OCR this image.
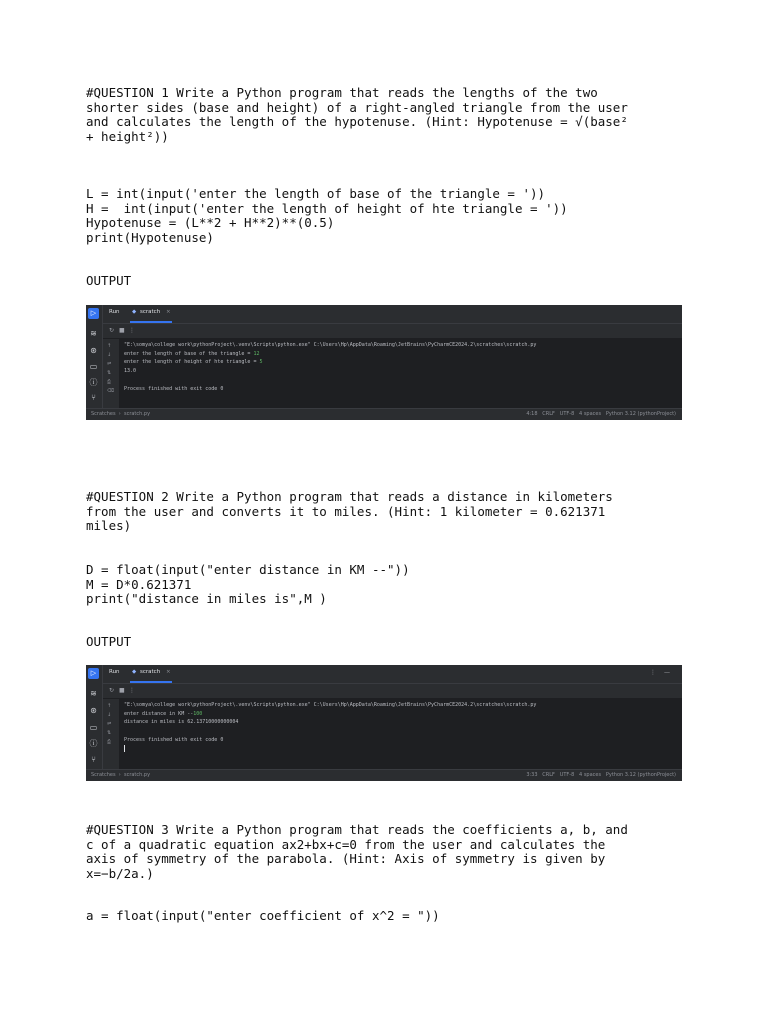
#QUESTION 1 Write a Python program that reads the lengths of the two
shorter sides (base and height) of a right-angled triangle from the user
and calculates the length of the hypotenuse. (Hint: Hypotenuse = √(base²
+ height²))

L = int(input('enter the length of base of the triangle = '))
H =  int(input('enter the length of height of hte triangle = '))
Hypotenuse = (L**2 + H**2)**(0.5)
print(Hypotenuse)

OUTPUT

Run ◆ scratch ×
↻ ■ ⋮
▷
≋
⊛
▭
ⓘ
⑂
↑
↓
⇌
⇅
⎙
⌫
"E:\somya\college work\pythonProject\.venv\Scripts\python.exe" C:\Users\Hp\AppData\Roaming\JetBrains\PyCharmCE2024.2\scratches\scratch.py
enter the length of base of the triangle = 12
enter the length of height of hte triangle = 5
13.0

Process finished with exit code 0
Scratches  ›  scratch.py	4:18   CRLF   UTF-8   4 spaces   Python 3.12 (pythonProject)

#QUESTION 2 Write a Python program that reads a distance in kilometers
from the user and converts it to miles. (Hint: 1 kilometer = 0.621371
miles)

D = float(input("enter distance in KM --"))
M = D*0.621371
print("distance in miles is",M )

OUTPUT

Run ◆ scratch ×	⋮ —
↻ ■ ⋮
▷
≋
⊛
▭
ⓘ
⑂
↑
↓
⇌
⇅
⎙
"E:\somya\college work\pythonProject\.venv\Scripts\python.exe" C:\Users\Hp\AppData\Roaming\JetBrains\PyCharmCE2024.2\scratches\scratch.py
enter distance in KM --100
distance in miles is 62.13710000000004

Process finished with exit code 0

Scratches  ›  scratch.py	3:33   CRLF   UTF-8   4 spaces   Python 3.12 (pythonProject)

#QUESTION 3 Write a Python program that reads the coefficients a, b, and
c of a quadratic equation ax2+bx+c=0 from the user and calculates the
axis of symmetry of the parabola. (Hint: Axis of symmetry is given by
x=−b/2a.)

a = float(input("enter coefficient of x^2 = "))
